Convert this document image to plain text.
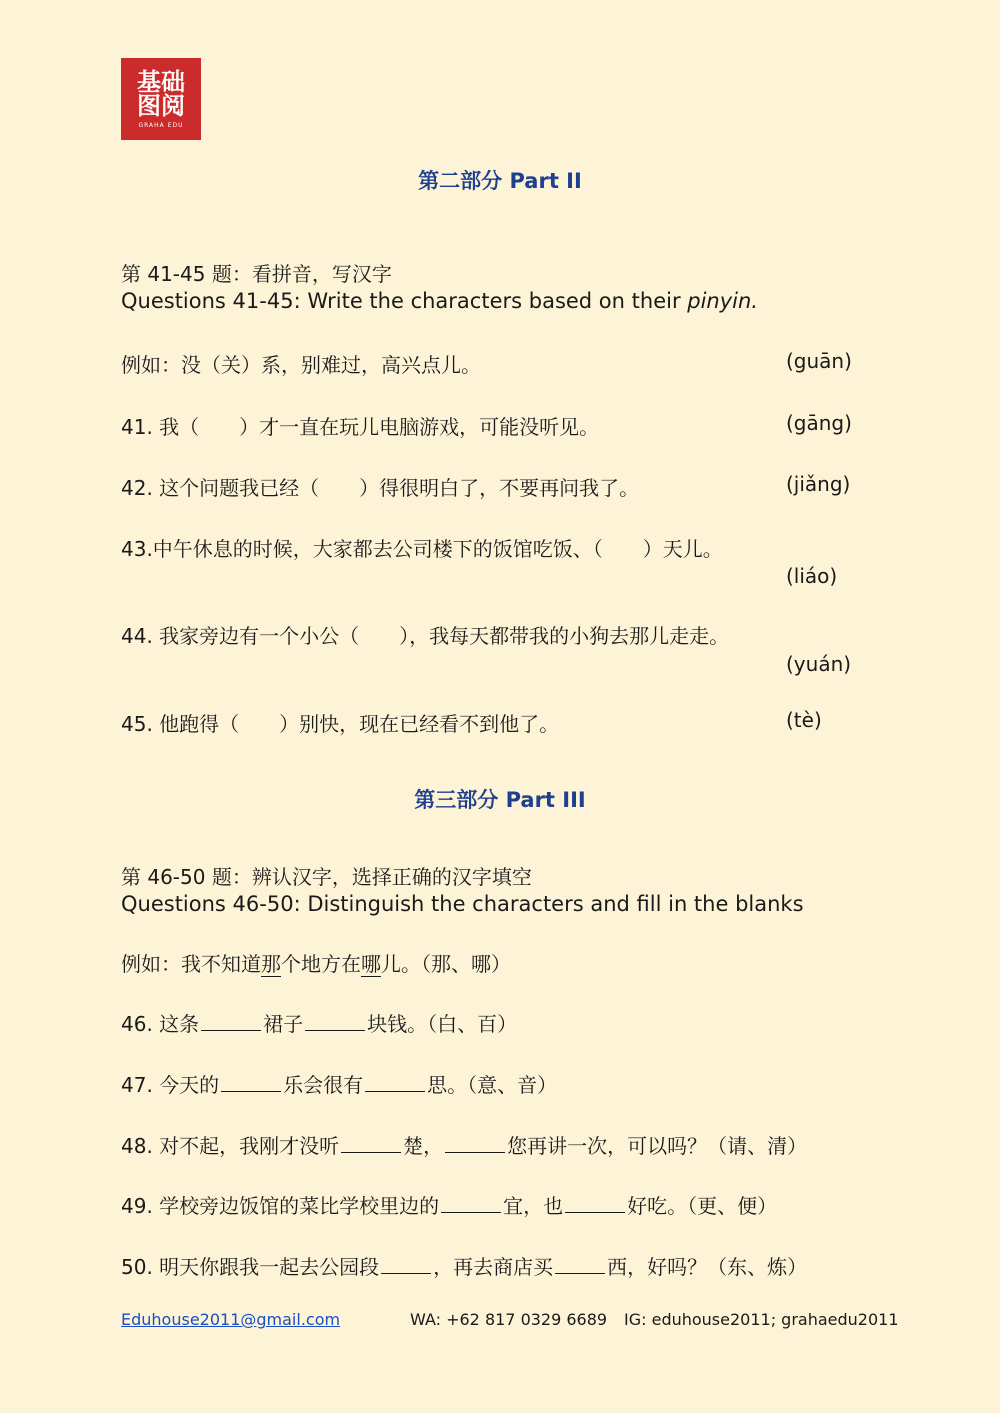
基 础
图 阅
GRAHA EDU
第二部分 Part II
第 41-45 题：看拼音，写汉字
Questions 41-45: Write the characters based on their pinyin.
例如：没（关）系，别难过，高兴点儿。	(guān)
41. 我（　　）才一直在玩儿电脑游戏，可能没听见。	(gāng)
42. 这个问题我已经（　　）得很明白了，不要再问我了。	(jiǎng)
43.中午休息的时候，大家都去公司楼下的饭馆吃饭、（　　）天儿。
(liáo)
44. 我家旁边有一个小公（　　），我每天都带我的小狗去那儿走走。
(yuán)
45. 他跑得（　　）别快，现在已经看不到他了。	(tè)
第三部分 Part III
第 46-50 题：辨认汉字，选择正确的汉字填空
Questions 46-50: Distinguish the characters and fill in the blanks
例如：我不知道那个地方在哪儿。（那、哪）
46. 这条	裙子	块钱。（白、百）
47. 今天的	乐会很有	思。（意、音）
48. 对不起，我刚才没听	楚，	您再讲一次，可以吗？（请、清）
49. 学校旁边饭馆的菜比学校里边的	宜，也	好吃。（更、便）
50. 明天你跟我一起去公园段	，再去商店买	西，好吗？（东、炼）
Eduhouse2011@gmail.com	WA: +62 817 0329 6689 IG: eduhouse2011; grahaedu2011
